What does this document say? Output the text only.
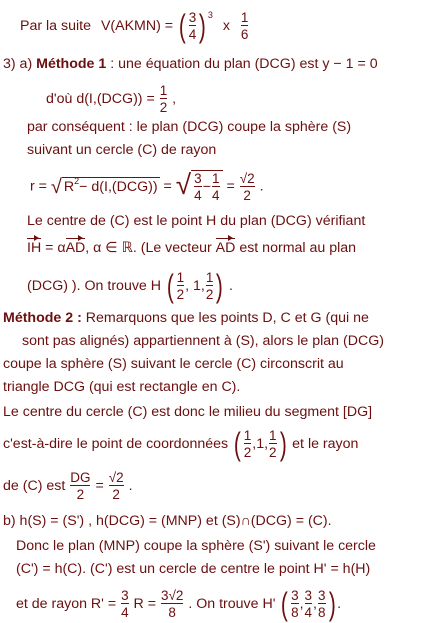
Par la suite V(AKMN) = ( $\frac{3}{4}$ ) $^3$ x $\frac{1}{6}$
3) a) Méthode 1 : une équation du plan (DCG) est y − 1 = 0
d'où $d(I,(DCG)) = \frac{1}{2}$ ,
par conséquent : le plan (DCG) coupe la sphère (S)
suivant un cercle (C) de rayon
r = √ R 2 − d(I,(DCG)) = √ $\frac{3}{4} - \frac{1}{4} = \frac{√2}{2}$ .
Le centre de (C) est le point H du plan (DCG) vérifiant
IH = αAD, α ∈ ℝ. (Le vecteur AD est normal au plan
(DCG) ). On trouve H ( $\frac{1}{2}$ , 1, $\frac{1}{2}$ ) .
Méthode 2 : Remarquons que les points D, C et G (qui ne
sont pas alignés) appartiennent à (S), alors le plan (DCG)
coupe la sphère (S) suivant le cercle (C) circonscrit au
triangle DCG (qui est rectangle en C).
Le centre du cercle (C) est donc le milieu du segment [DG]
c'est-à-dire le point de coordonnées ( $\frac{1}{2}$ , 1 , $\frac{1}{2}$ ) et le rayon
de (C) est $\frac{DG}{2} = \frac{√2}{2}$ .
b) h(S) = (S') , h(DCG) = (MNP) et (S)∩(DCG) = (C).
Donc le plan (MNP) coupe la sphère (S') suivant le cercle
(C') = h(C). (C') est un cercle de centre le point H' = h(H)
et de rayon $R' = \frac{3}{4}$ $R = \frac{3√2}{8}$ . On trouve H' ( $\frac{3}{8}$ , $\frac{3}{4}$ , $\frac{3}{8}$ ) .
